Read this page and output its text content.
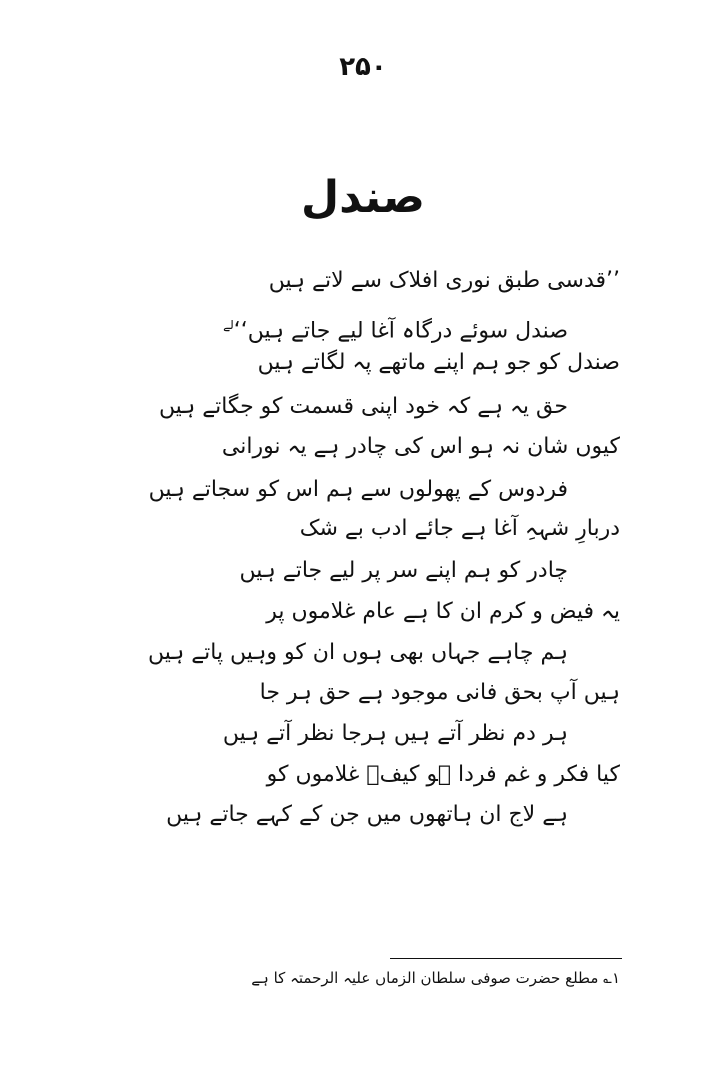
۲۵۰
صندل
’’قدسی طبق نوری افلاک سے لاتے ہیں
صندل سوئے درگاہ آغا لیے جاتے ہیں‘‘$^{لے}$
صندل کو جو ہم اپنے ماتھے پہ لگاتے ہیں
حق یہ ہے کہ خود اپنی قسمت کو جگاتے ہیں
کیوں شان نہ ہو اس کی چادر ہے یہ نورانی
فردوس کے پھولوں سے ہم اس کو سجاتے ہیں
دربارِ شہہِ آغا ہے جائے ادب بے شک
چادر کو ہم اپنے سر پر لیے جاتے ہیں
یہ فیض و کرم ان کا ہے عام غلاموں پر
ہم چاہے جہاں بھی ہوں ان کو وہیں پاتے ہیں
ہیں آپ بحق فانی موجود ہے حق ہر جا
ہر دم نظر آتے ہیں ہرجا نظر آتے ہیں
کیا فکر و غم فردا ہو کیفؔ غلاموں کو
ہے لاج ان ہاتھوں میں جن کے کہے جاتے ہیں
۱؎ مطلع حضرت صوفی سلطان الزماں علیہ الرحمتہ کا ہے
